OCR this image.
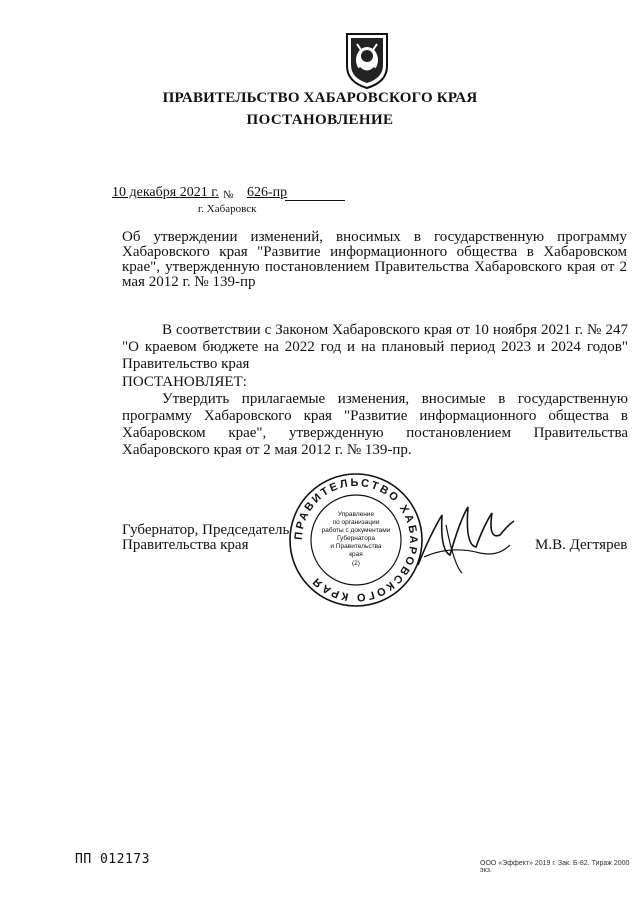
ПРАВИТЕЛЬСТВО ХАБАРОВСКОГО КРАЯ
ПОСТАНОВЛЕНИЕ
10 декабря 2021 г. № 626-пр
г. Хабаровск
Об утверждении изменений, вносимых в государственную программу Хабаровского края "Развитие информационного общества в Хабаровском крае", утвержденную постановлением Правительства Хабаровского края от 2 мая 2012 г. № 139-пр
В соответствии с Законом Хабаровского края от 10 ноября 2021 г. № 247 "О краевом бюджете на 2022 год и на плановый период 2023 и 2024 годов" Правительство края
ПОСТАНОВЛЯЕТ:
Утвердить прилагаемые изменения, вносимые в государственную программу Хабаровского края "Развитие информационного общества в Хабаровском крае", утвержденную постановлением Правительства Хабаровского края от 2 мая 2012 г. № 139-пр.
Губернатор, Председатель
Правительства края
ПРАВИТЕЛЬСТВО ХАБАРОВСКОГО КРАЯ
Управление
по организации
работы с документами
Губернатора
и Правительства
края
(2)
М.В. Дегтярев
ПП 012173	ООО «Эффект» 2019 г. Зак. Б-82. Тираж 2000 экз.
